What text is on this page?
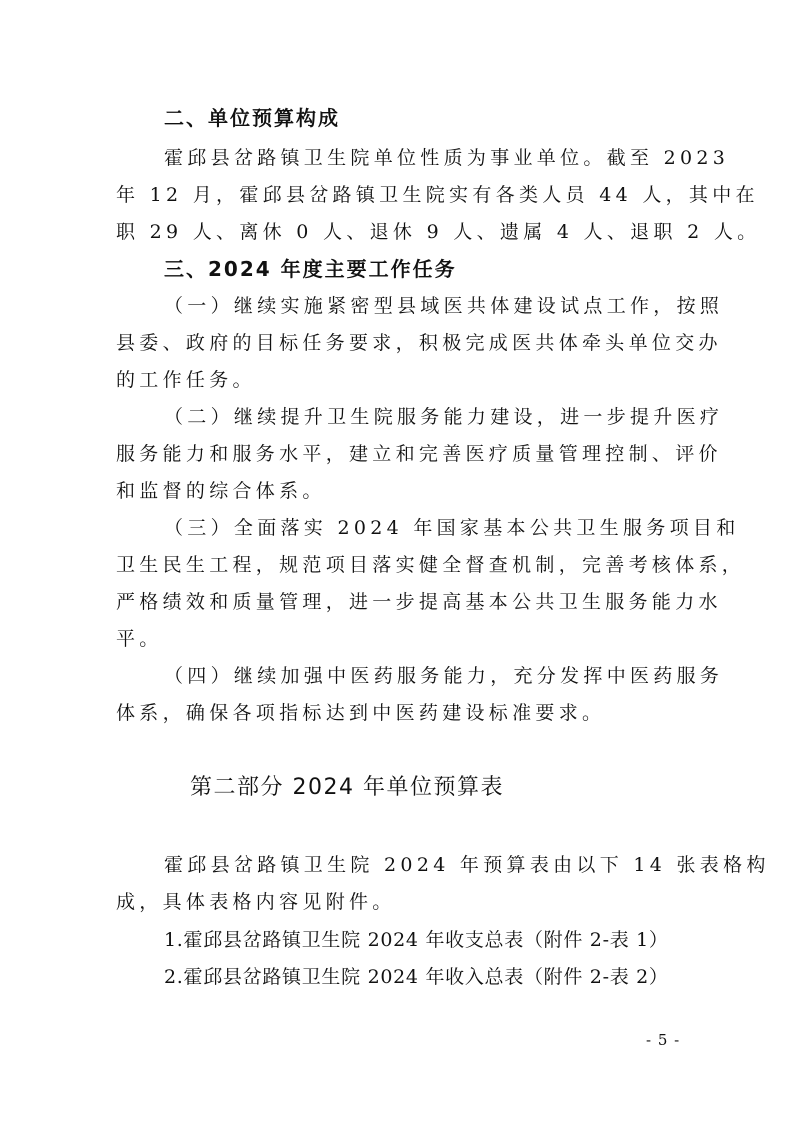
二、单位预算构成
霍邱县岔路镇卫生院单位性质为事业单位。截至 2023
年 12 月，霍邱县岔路镇卫生院实有各类人员 44 人，其中在
职 29 人、离休 0 人、退休 9 人、遗属 4 人、退职 2 人。
三、2024 年度主要工作任务
（一）继续实施紧密型县域医共体建设试点工作，按照
县委、政府的目标任务要求，积极完成医共体牵头单位交办
的工作任务。
（二）继续提升卫生院服务能力建设，进一步提升医疗
服务能力和服务水平，建立和完善医疗质量管理控制、评价
和监督的综合体系。
（三）全面落实 2024 年国家基本公共卫生服务项目和
卫生民生工程，规范项目落实健全督查机制，完善考核体系，
严格绩效和质量管理，进一步提高基本公共卫生服务能力水
平。
（四）继续加强中医药服务能力，充分发挥中医药服务
体系，确保各项指标达到中医药建设标准要求。
第二部分 2024 年单位预算表
霍邱县岔路镇卫生院 2024 年预算表由以下 14 张表格构
成，具体表格内容见附件。
1.霍邱县岔路镇卫生院 2024 年收支总表（附件 2-表 1）
2.霍邱县岔路镇卫生院 2024 年收入总表（附件 2-表 2）
- 5 -
